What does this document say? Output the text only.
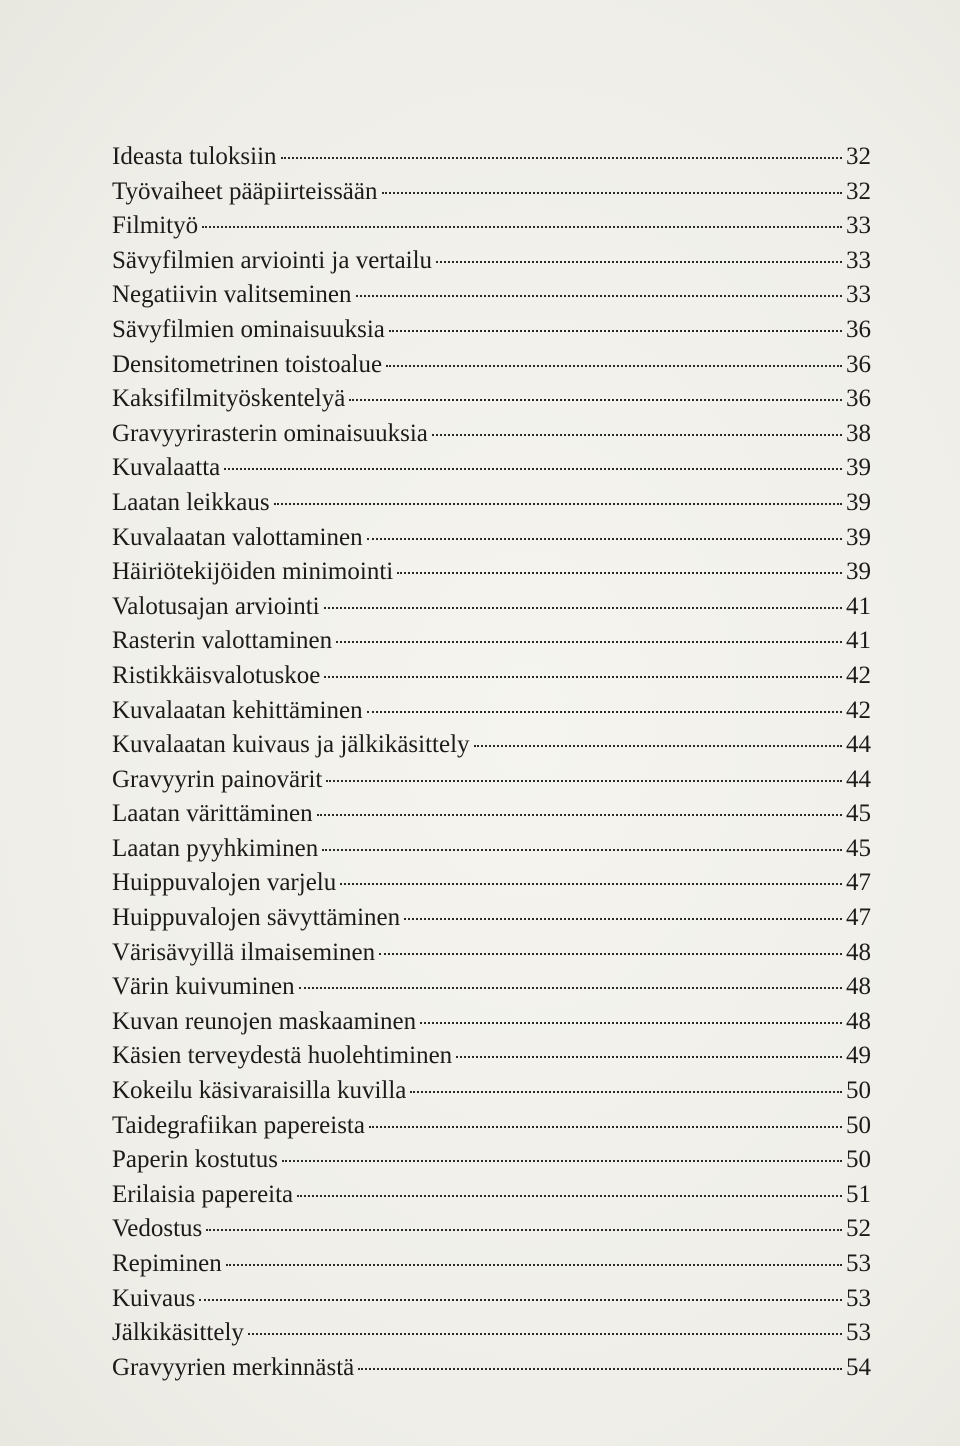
Ideasta tuloksiin	32
Työvaiheet pääpiirteissään	32
Filmityö	33
Sävyfilmien arviointi ja vertailu	33
Negatiivin valitseminen	33
Sävyfilmien ominaisuuksia	36
Densitometrinen toistoalue	36
Kaksifilmityöskentelyä	36
Gravyyrirasterin ominaisuuksia	38
Kuvalaatta	39
Laatan leikkaus	39
Kuvalaatan valottaminen	39
Häiriötekijöiden minimointi	39
Valotusajan arviointi	41
Rasterin valottaminen	41
Ristikkäisvalotuskoe	42
Kuvalaatan kehittäminen	42
Kuvalaatan kuivaus ja jälkikäsittely	44
Gravyyrin painovärit	44
Laatan värittäminen	45
Laatan pyyhkiminen	45
Huippuvalojen varjelu	47
Huippuvalojen sävyttäminen	47
Värisävyillä ilmaiseminen	48
Värin kuivuminen	48
Kuvan reunojen maskaaminen	48
Käsien terveydestä huolehtiminen	49
Kokeilu käsivaraisilla kuvilla	50
Taidegrafiikan papereista	50
Paperin kostutus	50
Erilaisia papereita	51
Vedostus	52
Repiminen	53
Kuivaus	53
Jälkikäsittely	53
Gravyyrien merkinnästä	54
